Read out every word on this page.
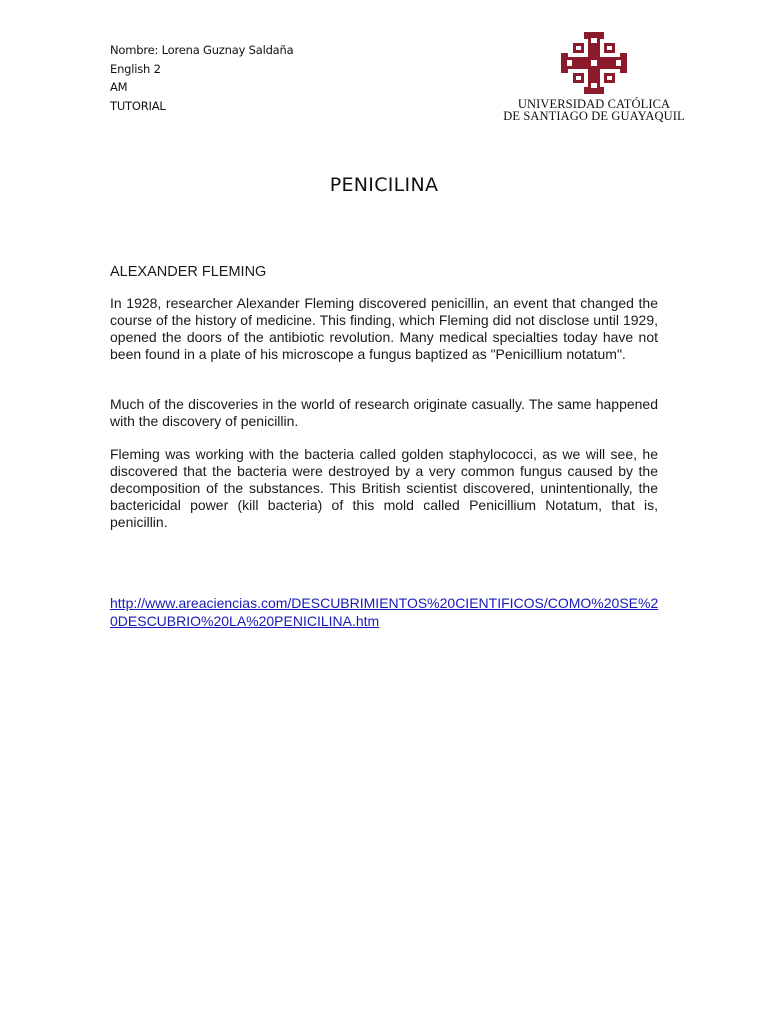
Nombre: Lorena Guznay Saldaña
English 2
AM
TUTORIAL	UNIVERSIDAD CATÓLICA
DE SANTIAGO DE GUAYAQUIL
PENICILINA
ALEXANDER FLEMING

In 1928, researcher Alexander Fleming discovered penicillin, an event that changed the course of the history of medicine. This finding, which Fleming did not disclose until 1929, opened the doors of the antibiotic revolution. Many medical specialties today have not been found in a plate of his microscope a fungus baptized as "Penicillium notatum".

Much of the discoveries in the world of research originate casually. The same happened with the discovery of penicillin.

Fleming was working with the bacteria called golden staphylococci, as we will see, he discovered that the bacteria were destroyed by a very common fungus caused by the decomposition of the substances. This British scientist discovered, unintentionally, the bactericidal power (kill bacteria) of this mold called Penicillium Notatum, that is, penicillin.

http://www.areaciencias.com/DESCUBRIMIENTOS%20CIENTIFICOS/COMO%20SE%20DESCUBRIO%20LA%20PENICILINA.htm
